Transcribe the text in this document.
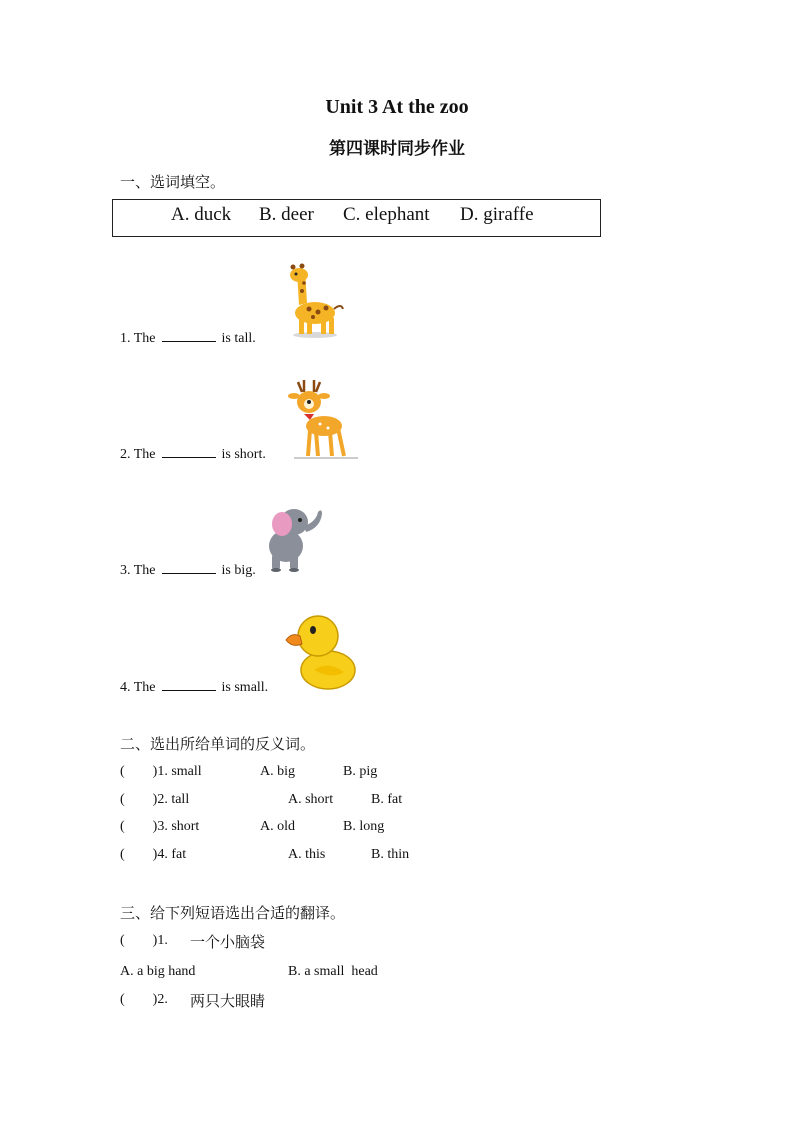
Unit 3 At the zoo
第四课时同步作业
一、选词填空。
A. duck B. deer C. elephant D. giraffe
1. The	is tall.
2. The	is short.
3. The	is big.
4. The	is small.
二、选出所给单词的反义词。
(        )1. small	A. big	B. pig
(        )2. tall	A. short	B. fat
(        )3. short	A. old	B. long
(        )4. fat	A. this	B. thin
三、给下列短语选出合适的翻译。
(        )1. 一个小脑袋
A. a big hand	B. a small  head
(        )2. 两只大眼睛
